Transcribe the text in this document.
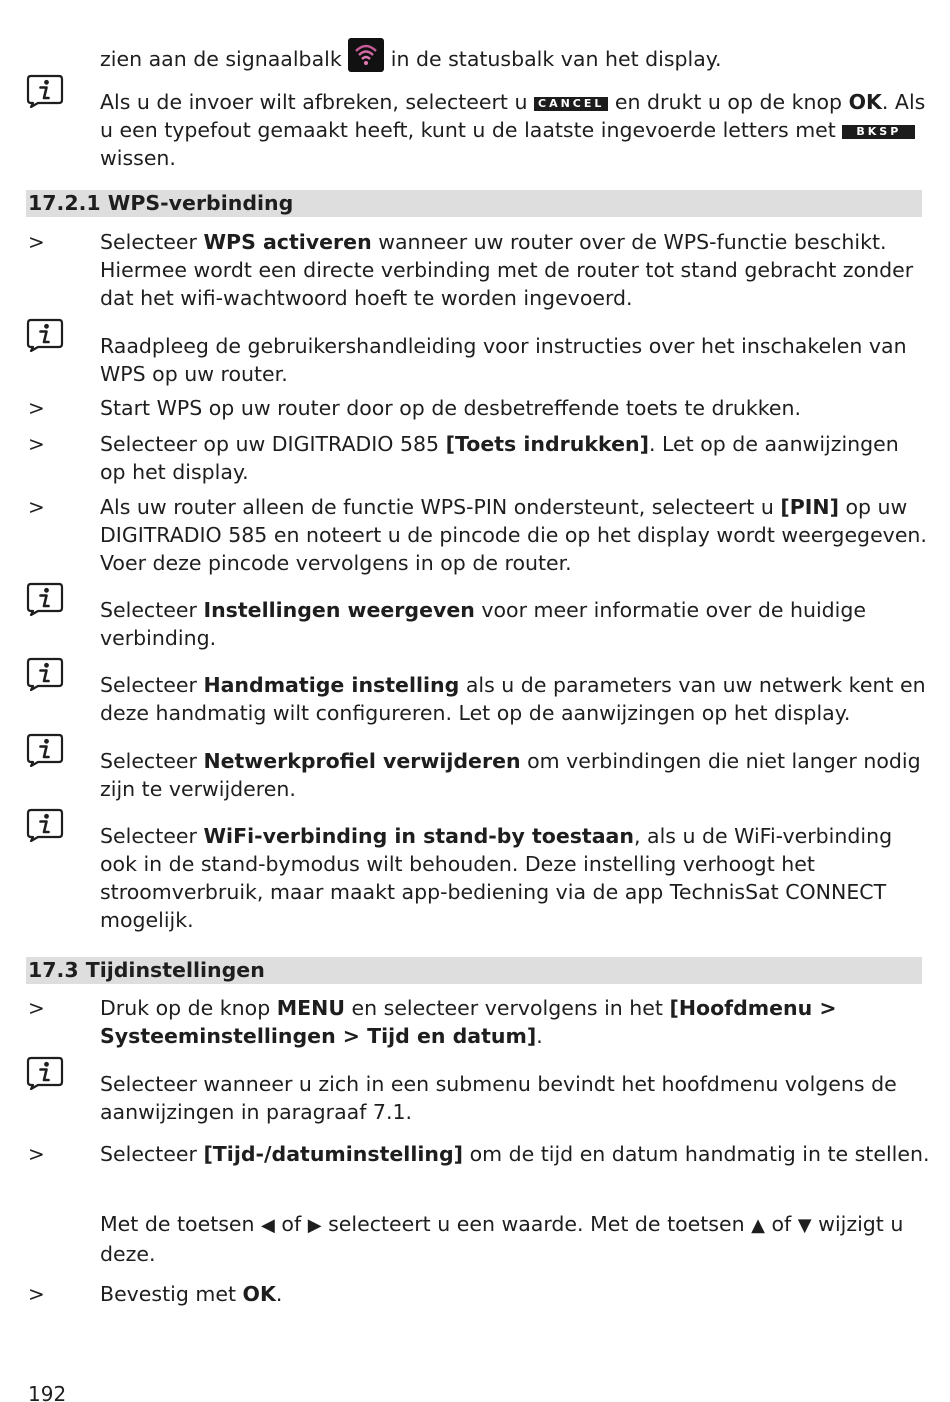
zien aan de signaalbalk in de statusbalk van het display.
Als u de invoer wilt afbreken, selecteert u CANCEL en drukt u op de knop OK. Als u een typefout gemaakt heeft, kunt u de laatste ingevoerde letters met BKSP wissen.
17.2.1 WPS-verbinding
>	Selecteer WPS activeren wanneer uw router over de WPS-functie beschikt. Hiermee wordt een directe verbinding met de router tot stand gebracht zonder dat het wifi-wachtwoord hoeft te worden ingevoerd.
Raadpleeg de gebruikershandleiding voor instructies over het inschakelen van WPS op uw router.
>	Start WPS op uw router door op de desbetreffende toets te drukken.
>	Selecteer op uw DIGITRADIO 585 [Toets indrukken]. Let op de aanwijzingen op het display.
>	Als uw router alleen de functie WPS-PIN ondersteunt, selecteert u [PIN] op uw DIGITRADIO 585 en noteert u de pincode die op het display wordt weergegeven. Voer deze pincode vervolgens in op de router.
Selecteer Instellingen weergeven voor meer informatie over de huidige verbinding.
Selecteer Handmatige instelling als u de parameters van uw netwerk kent en deze handmatig wilt configureren. Let op de aanwijzingen op het display.
Selecteer Netwerkprofiel verwijderen om verbindingen die niet langer nodig zijn te verwijderen.
Selecteer WiFi-verbinding in stand-by toestaan, als u de WiFi-verbinding ook in de stand-bymodus wilt behouden. Deze instelling verhoogt het stroomverbruik, maar maakt app-bediening via de app TechnisSat CONNECT mogelijk.
17.3 Tijdinstellingen
>	Druk op de knop MENU en selecteer vervolgens in het [Hoofdmenu > Systeeminstellingen > Tijd en datum].
Selecteer wanneer u zich in een submenu bevindt het hoofdmenu volgens de aanwijzingen in paragraaf 7.1.
>	Selecteer [Tijd-/datuminstelling] om de tijd en datum handmatig in te stellen.
Met de toetsen ◀ of ▶ selecteert u een waarde. Met de toetsen ▲ of ▼ wijzigt u deze.
>	Bevestig met OK.
192
